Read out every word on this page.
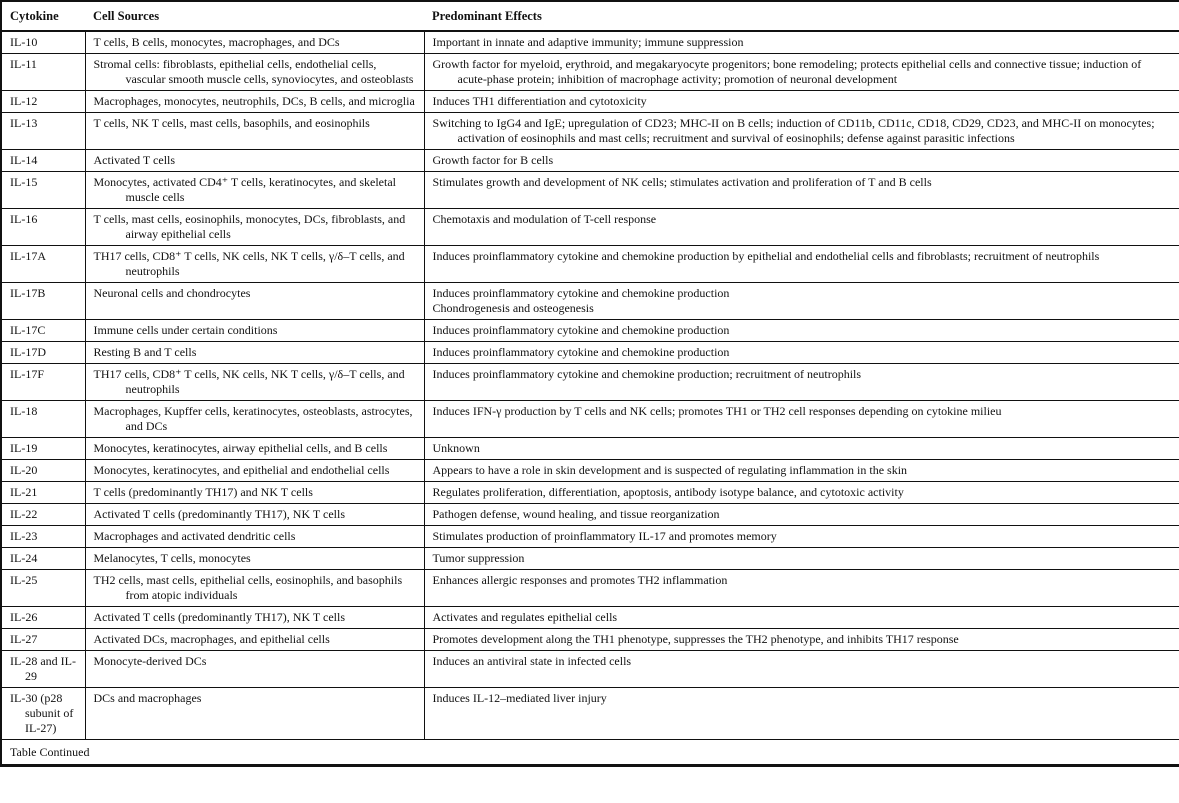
Cytokine	Cell Sources	Predominant Effects

IL-10	T cells, B cells, monocytes, macrophages, and DCs	Important in innate and adaptive immunity; immune suppression

IL-11	Stromal cells: fibroblasts, epithelial cells, endothelial cells, vascular smooth muscle cells, synoviocytes, and osteoblasts	Growth factor for myeloid, erythroid, and megakaryocyte progenitors; bone remodeling; protects epithelial cells and connective tissue; induction of acute-phase protein; inhibition of macrophage activity; promotion of neuronal development

IL-12	Macrophages, monocytes, neutrophils, DCs, B cells, and microglia	Induces TH1 differentiation and cytotoxicity

IL-13	T cells, NK T cells, mast cells, basophils, and eosinophils	Switching to IgG4 and IgE; upregulation of CD23; MHC-II on B cells; induction of CD11b, CD11c, CD18, CD29, CD23, and MHC-II on monocytes; activation of eosinophils and mast cells; recruitment and survival of eosinophils; defense against parasitic infections

IL-14	Activated T cells	Growth factor for B cells

IL-15	Monocytes, activated CD4⁺ T cells, keratinocytes, and skeletal muscle cells	Stimulates growth and development of NK cells; stimulates activation and proliferation of T and B cells

IL-16	T cells, mast cells, eosinophils, monocytes, DCs, fibroblasts, and airway epithelial cells	Chemotaxis and modulation of T-cell response

IL-17A	TH17 cells, CD8⁺ T cells, NK cells, NK T cells, γ/δ–T cells, and neutrophils	Induces proinflammatory cytokine and chemokine production by epithelial and endothelial cells and fibroblasts; recruitment of neutrophils

IL-17B	Neuronal cells and chondrocytes	Induces proinflammatory cytokine and chemokine production
Chondrogenesis and osteogenesis

IL-17C	Immune cells under certain conditions	Induces proinflammatory cytokine and chemokine production

IL-17D	Resting B and T cells	Induces proinflammatory cytokine and chemokine production

IL-17F	TH17 cells, CD8⁺ T cells, NK cells, NK T cells, γ/δ–T cells, and neutrophils	Induces proinflammatory cytokine and chemokine production; recruitment of neutrophils

IL-18	Macrophages, Kupffer cells, keratinocytes, osteoblasts, astrocytes, and DCs	Induces IFN-γ production by T cells and NK cells; promotes TH1 or TH2 cell responses depending on cytokine milieu

IL-19	Monocytes, keratinocytes, airway epithelial cells, and B cells	Unknown

IL-20	Monocytes, keratinocytes, and epithelial and endothelial cells	Appears to have a role in skin development and is suspected of regulating inflammation in the skin

IL-21	T cells (predominantly TH17) and NK T cells	Regulates proliferation, differentiation, apoptosis, antibody isotype balance, and cytotoxic activity

IL-22	Activated T cells (predominantly TH17), NK T cells	Pathogen defense, wound healing, and tissue reorganization

IL-23	Macrophages and activated dendritic cells	Stimulates production of proinflammatory IL-17 and promotes memory

IL-24	Melanocytes, T cells, monocytes	Tumor suppression

IL-25	TH2 cells, mast cells, epithelial cells, eosinophils, and basophils from atopic individuals	Enhances allergic responses and promotes TH2 inflammation

IL-26	Activated T cells (predominantly TH17), NK T cells	Activates and regulates epithelial cells

IL-27	Activated DCs, macrophages, and epithelial cells	Promotes development along the TH1 phenotype, suppresses the TH2 phenotype, and inhibits TH17 response

IL-28 and IL-29	Monocyte-derived DCs	Induces an antiviral state in infected cells

IL-30 (p28 subunit of IL-27)	DCs and macrophages	Induces IL-12–mediated liver injury

Table Continued		
